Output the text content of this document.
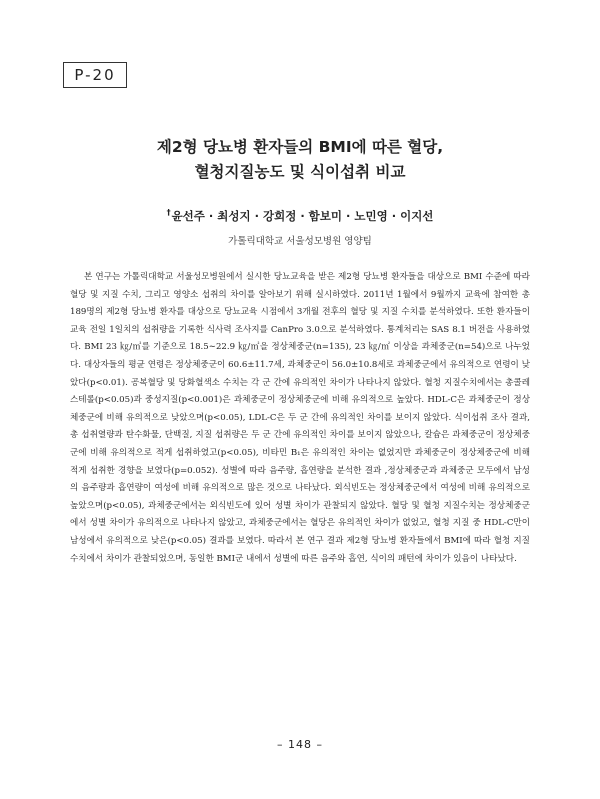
P-20
제2형 당뇨병 환자들의 BMI에 따른 혈당,
혈청지질농도 및 식이섭취 비교
†윤선주 · 최성지 · 강희정 · 함보미 · 노민영 · 이지선
가톨릭대학교 서울성모병원 영양팀

본 연구는 가톨릭대학교 서울성모병원에서 실시한 당뇨교육을 받은 제2형 당뇨병 환자들을 대상으로 BMI 수준에 따라 혈당 및 지질 수치, 그리고 영양소 섭취의 차이를 알아보기 위해 실시하였다. 2011년 1월에서 9월까지 교육에 참여한 총 189명의 제2형 당뇨병 환자를 대상으로 당뇨교육 시점에서 3개월 전후의 혈당 및 지질 수치를 분석하였다. 또한 환자들이 교육 전일 1일치의 섭취량을 기록한 식사력 조사지를 CanPro 3.0으로 분석하였다. 통계처리는 SAS 8.1 버전을 사용하였다. BMI 23 ㎏/㎡를 기준으로 18.5∼22.9 ㎏/㎡을 정상체중군(n=135), 23 ㎏/㎡ 이상을 과체중군(n=54)으로 나누었다. 대상자들의 평균 연령은 정상체중군이 60.6±11.7세, 과체중군이 56.0±10.8세로 과체중군에서 유의적으로 연령이 낮았다(p<0.01). 공복혈당 및 당화혈색소 수치는 각 군 간에 유의적인 차이가 나타나지 않았다. 혈청 지질수치에서는 총콜레스테롤(p<0.05)과 중성지질(p<0.001)은 과체중군이 정상체중군에 비해 유의적으로 높았다. HDL-C은 과체중군이 정상체중군에 비해 유의적으로 낮았으며(p<0.05), LDL-C은 두 군 간에 유의적인 차이를 보이지 않았다. 식이섭취 조사 결과, 총 섭취열량과 탄수화물, 단백질, 지질 섭취량은 두 군 간에 유의적인 차이를 보이지 않았으나, 칼슘은 과체중군이 정상체중군에 비해 유의적으로 적게 섭취하였고(p<0.05), 비타민 B₁은 유의적인 차이는 없었지만 과체중군이 정상체중군에 비해 적게 섭취한 경향을 보였다(p=0.052). 성별에 따라 음주량, 흡연량을 분석한 결과 ,정상체중군과 과체중군 모두에서 남성의 음주량과 흡연량이 여성에 비해 유의적으로 많은 것으로 나타났다. 외식빈도는 정상체중군에서 여성에 비해 유의적으로 높았으며(p<0.05), 과체중군에서는 외식빈도에 있어 성별 차이가 관찰되지 않았다. 혈당 및 혈청 지질수치는 정상체중군 에서 성별 차이가 유의적으로 나타나지 않았고, 과체중군에서는 혈당은 유의적인 차이가 없었고, 혈청 지질 중 HDL-C만이 남성에서 유의적으로 낮은(p<0.05) 결과를 보였다. 따라서 본 연구 결과 제2형 당뇨병 환자들에서 BMI에 따라 혈청 지질 수치에서 차이가 관찰되었으며, 동일한 BMI군 내에서 성별에 따른 음주와 흡연, 식이의 패턴에 차이가 있음이 나타났다.

– 148 –
